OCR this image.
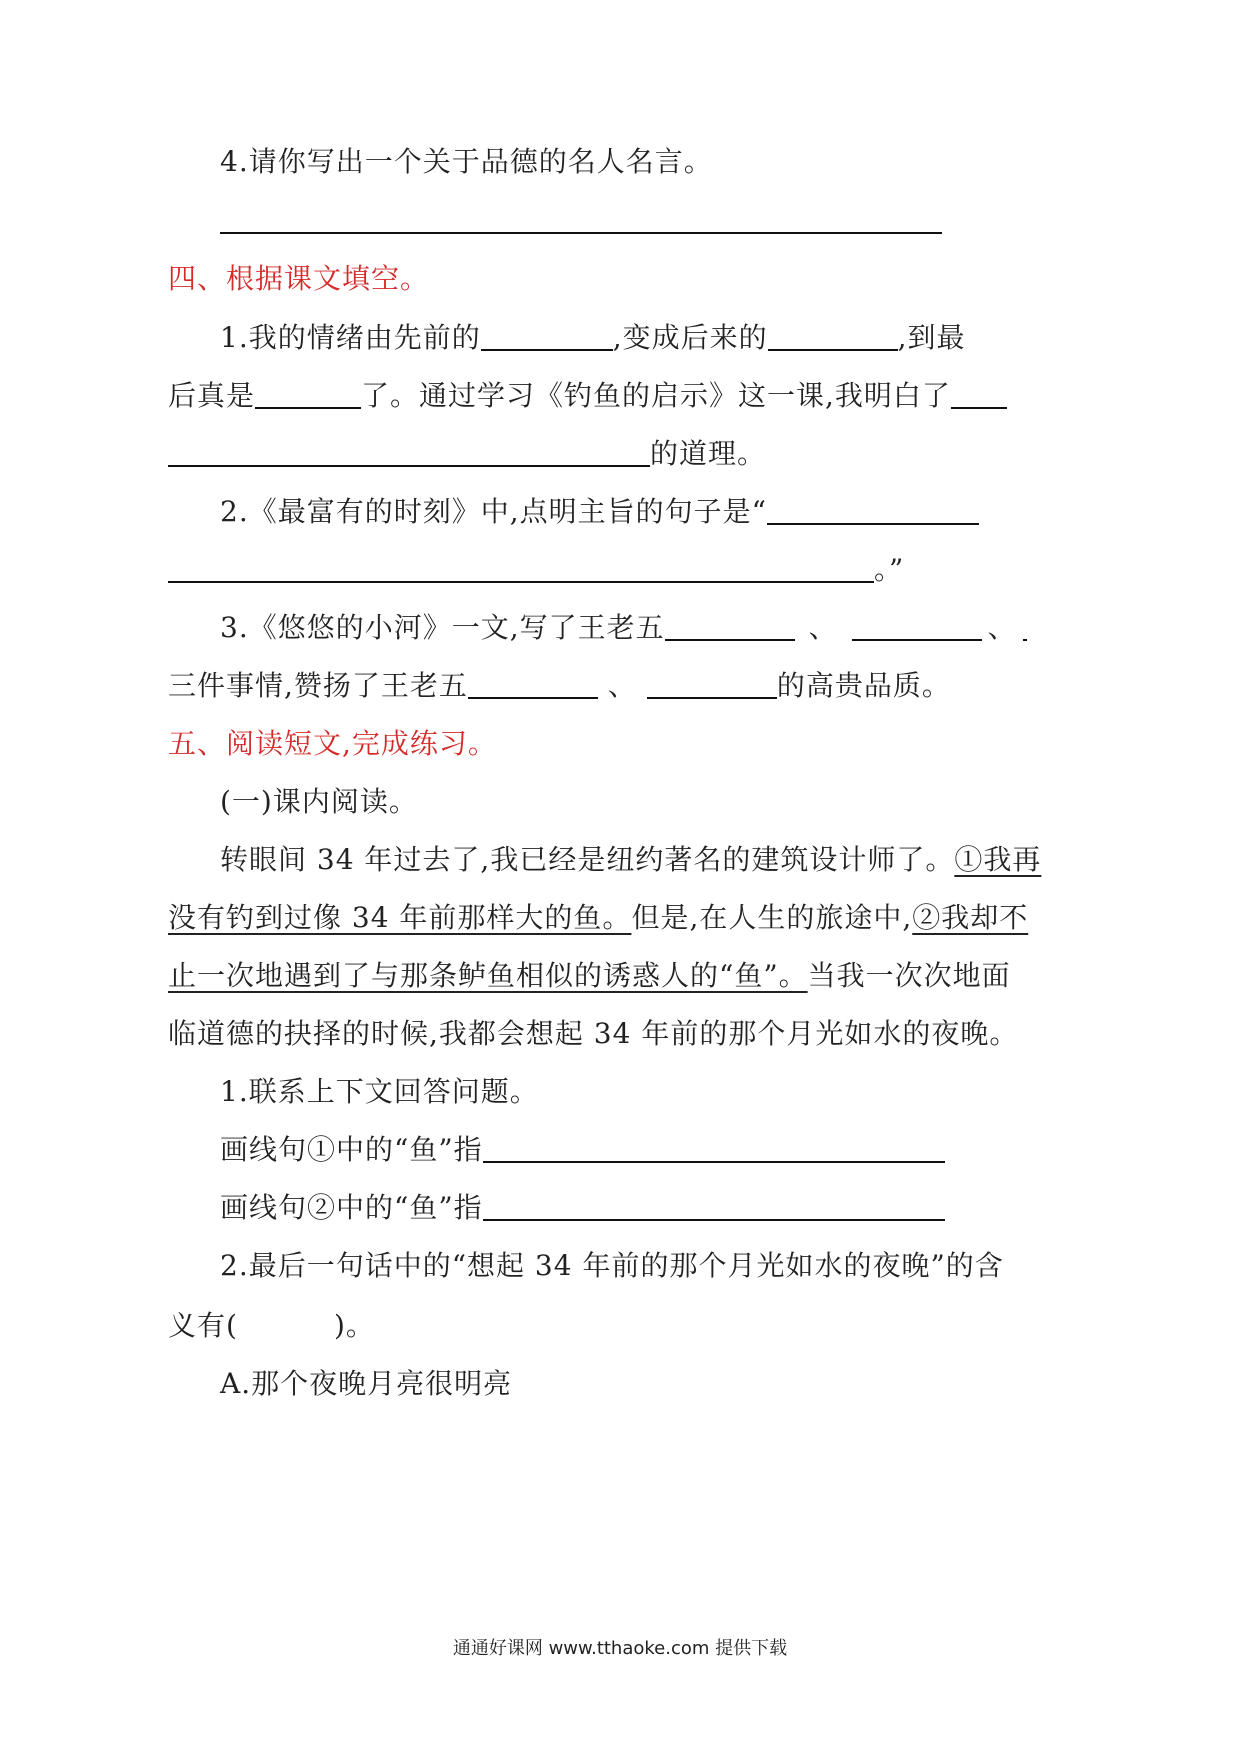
4.请你写出一个关于品德的名人名言。
四、根据课文填空。
1.我的情绪由先前的	,变成后来的	,到最
后真是	了。通过学习《钓鱼的启示》这一课,我明白了
的道理。
2.《最富有的时刻》中,点明主旨的句子是“
。”
3.《悠悠的小河》一文,写了王老五	、	、
三件事情,赞扬了王老五	、	的高贵品质。
五、阅读短文,完成练习。
(一)课内阅读。
转眼间 34 年过去了,我已经是纽约著名的建筑设计师了。①我再
没有钓到过像 34 年前那样大的鱼。但是,在人生的旅途中,②我却不
止一次地遇到了与那条鲈鱼相似的诱惑人的“鱼”。当我一次次地面
临道德的抉择的时候,我都会想起 34 年前的那个月光如水的夜晚。
1.联系上下文回答问题。
画线句①中的“鱼”指
画线句②中的“鱼”指
2.最后一句话中的“想起 34 年前的那个月光如水的夜晚”的含
义有(	)。
A.那个夜晚月亮很明亮
通通好课网 www.tthaoke.com 提供下载
